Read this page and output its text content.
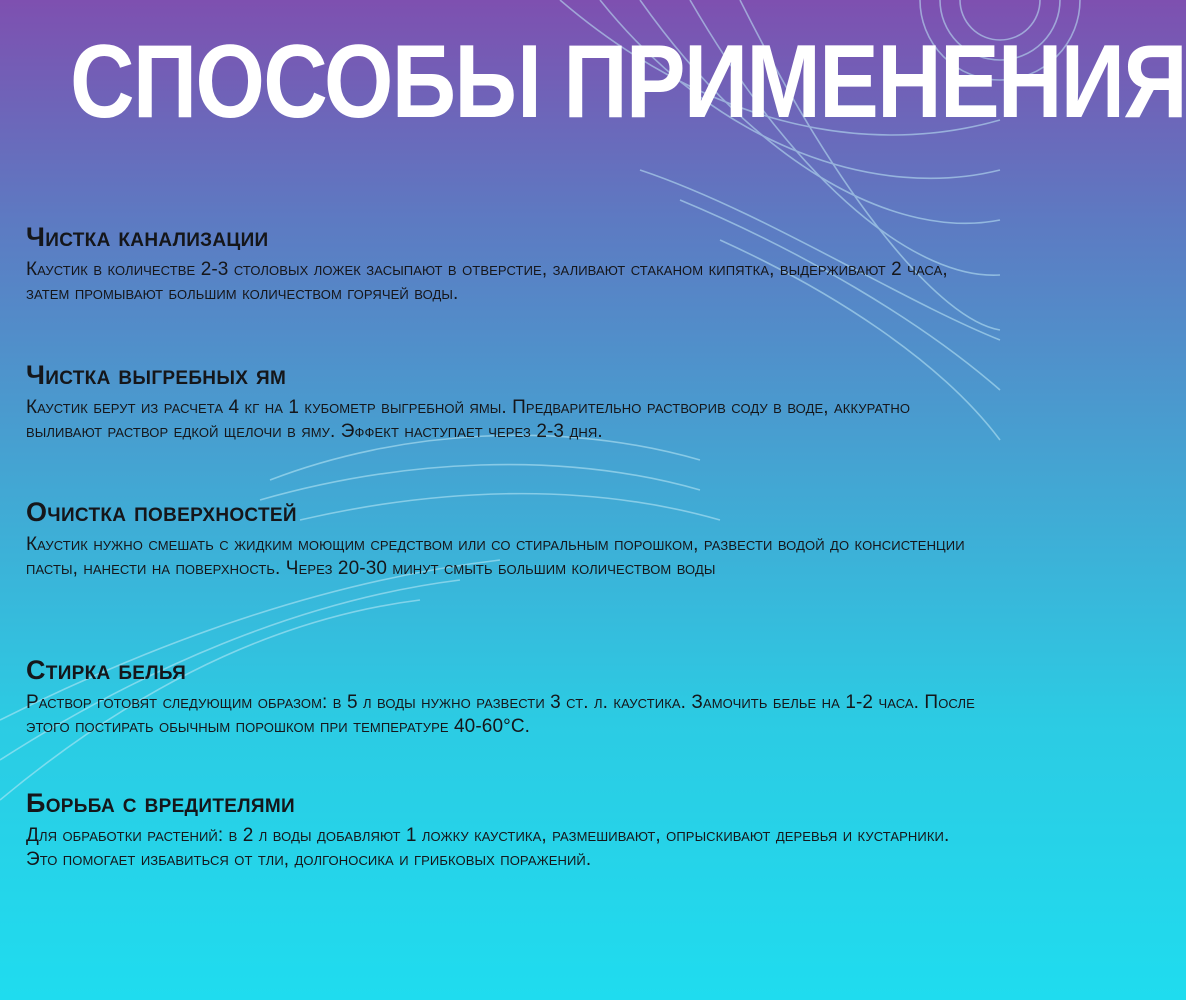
СПОСОБЫ ПРИМЕНЕНИЯ
Чистка канализации

Каустик в количестве 2-3 столовых ложек засыпают в отверстие, заливают стаканом кипятка, выдерживают 2 часа, затем промывают большим количеством горячей воды.

Чистка выгребных ям

Каустик берут из расчета 4 кг на 1 кубометр выгребной ямы. Предварительно растворив соду в воде, аккуратно выливают раствор едкой щелочи в яму. Эффект наступает через 2-3 дня.

Очистка поверхностей

Каустик нужно смешать с жидким моющим средством или со стиральным порошком, развести водой до консистенции пасты, нанести на поверхность. Через 20-30 минут смыть большим количеством воды

Стирка белья

Раствор готовят следующим образом: в 5 л воды нужно развести 3 ст. л. каустика. Замочить белье на 1-2 часа. После этого постирать обычным порошком при температуре 40-60°C.

Борьба с вредителями

Для обработки растений: в 2 л воды добавляют 1 ложку каустика, размешивают, опрыскивают деревья и кустарники. Это помогает избавиться от тли, долгоносика и грибковых поражений.
